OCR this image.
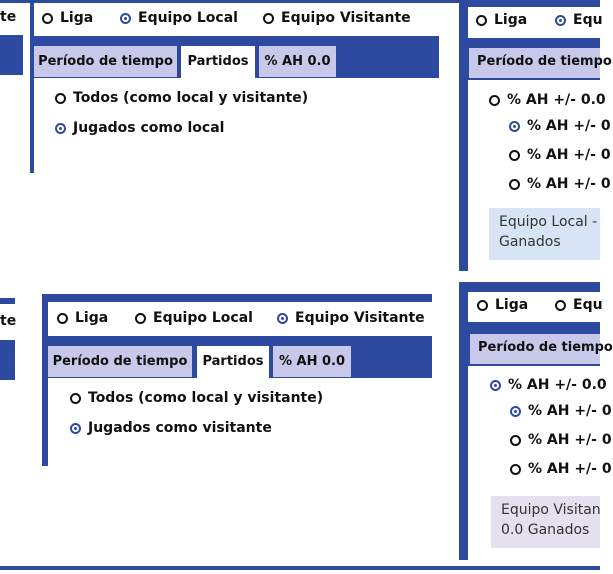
te	Liga	Equipo Local	Equipo Visitante
Período de tiempo	Partidos	% AH 0.0
Todos (como local y visitante)
Jugados como local
Liga	Equ
Período de tiempo
% AH +/- 0.0
% AH +/- 0
% AH +/- 0
% AH +/- 0
Equipo Local -
Ganados
te	Liga	Equipo Local	Equipo Visitante
Período de tiempo	Partidos	% AH 0.0
Todos (como local y visitante)
Jugados como visitante
Liga	Equ
Período de tiempo
% AH +/- 0.0
% AH +/- 0
% AH +/- 0
% AH +/- 0
Equipo Visitan
0.0 Ganados
